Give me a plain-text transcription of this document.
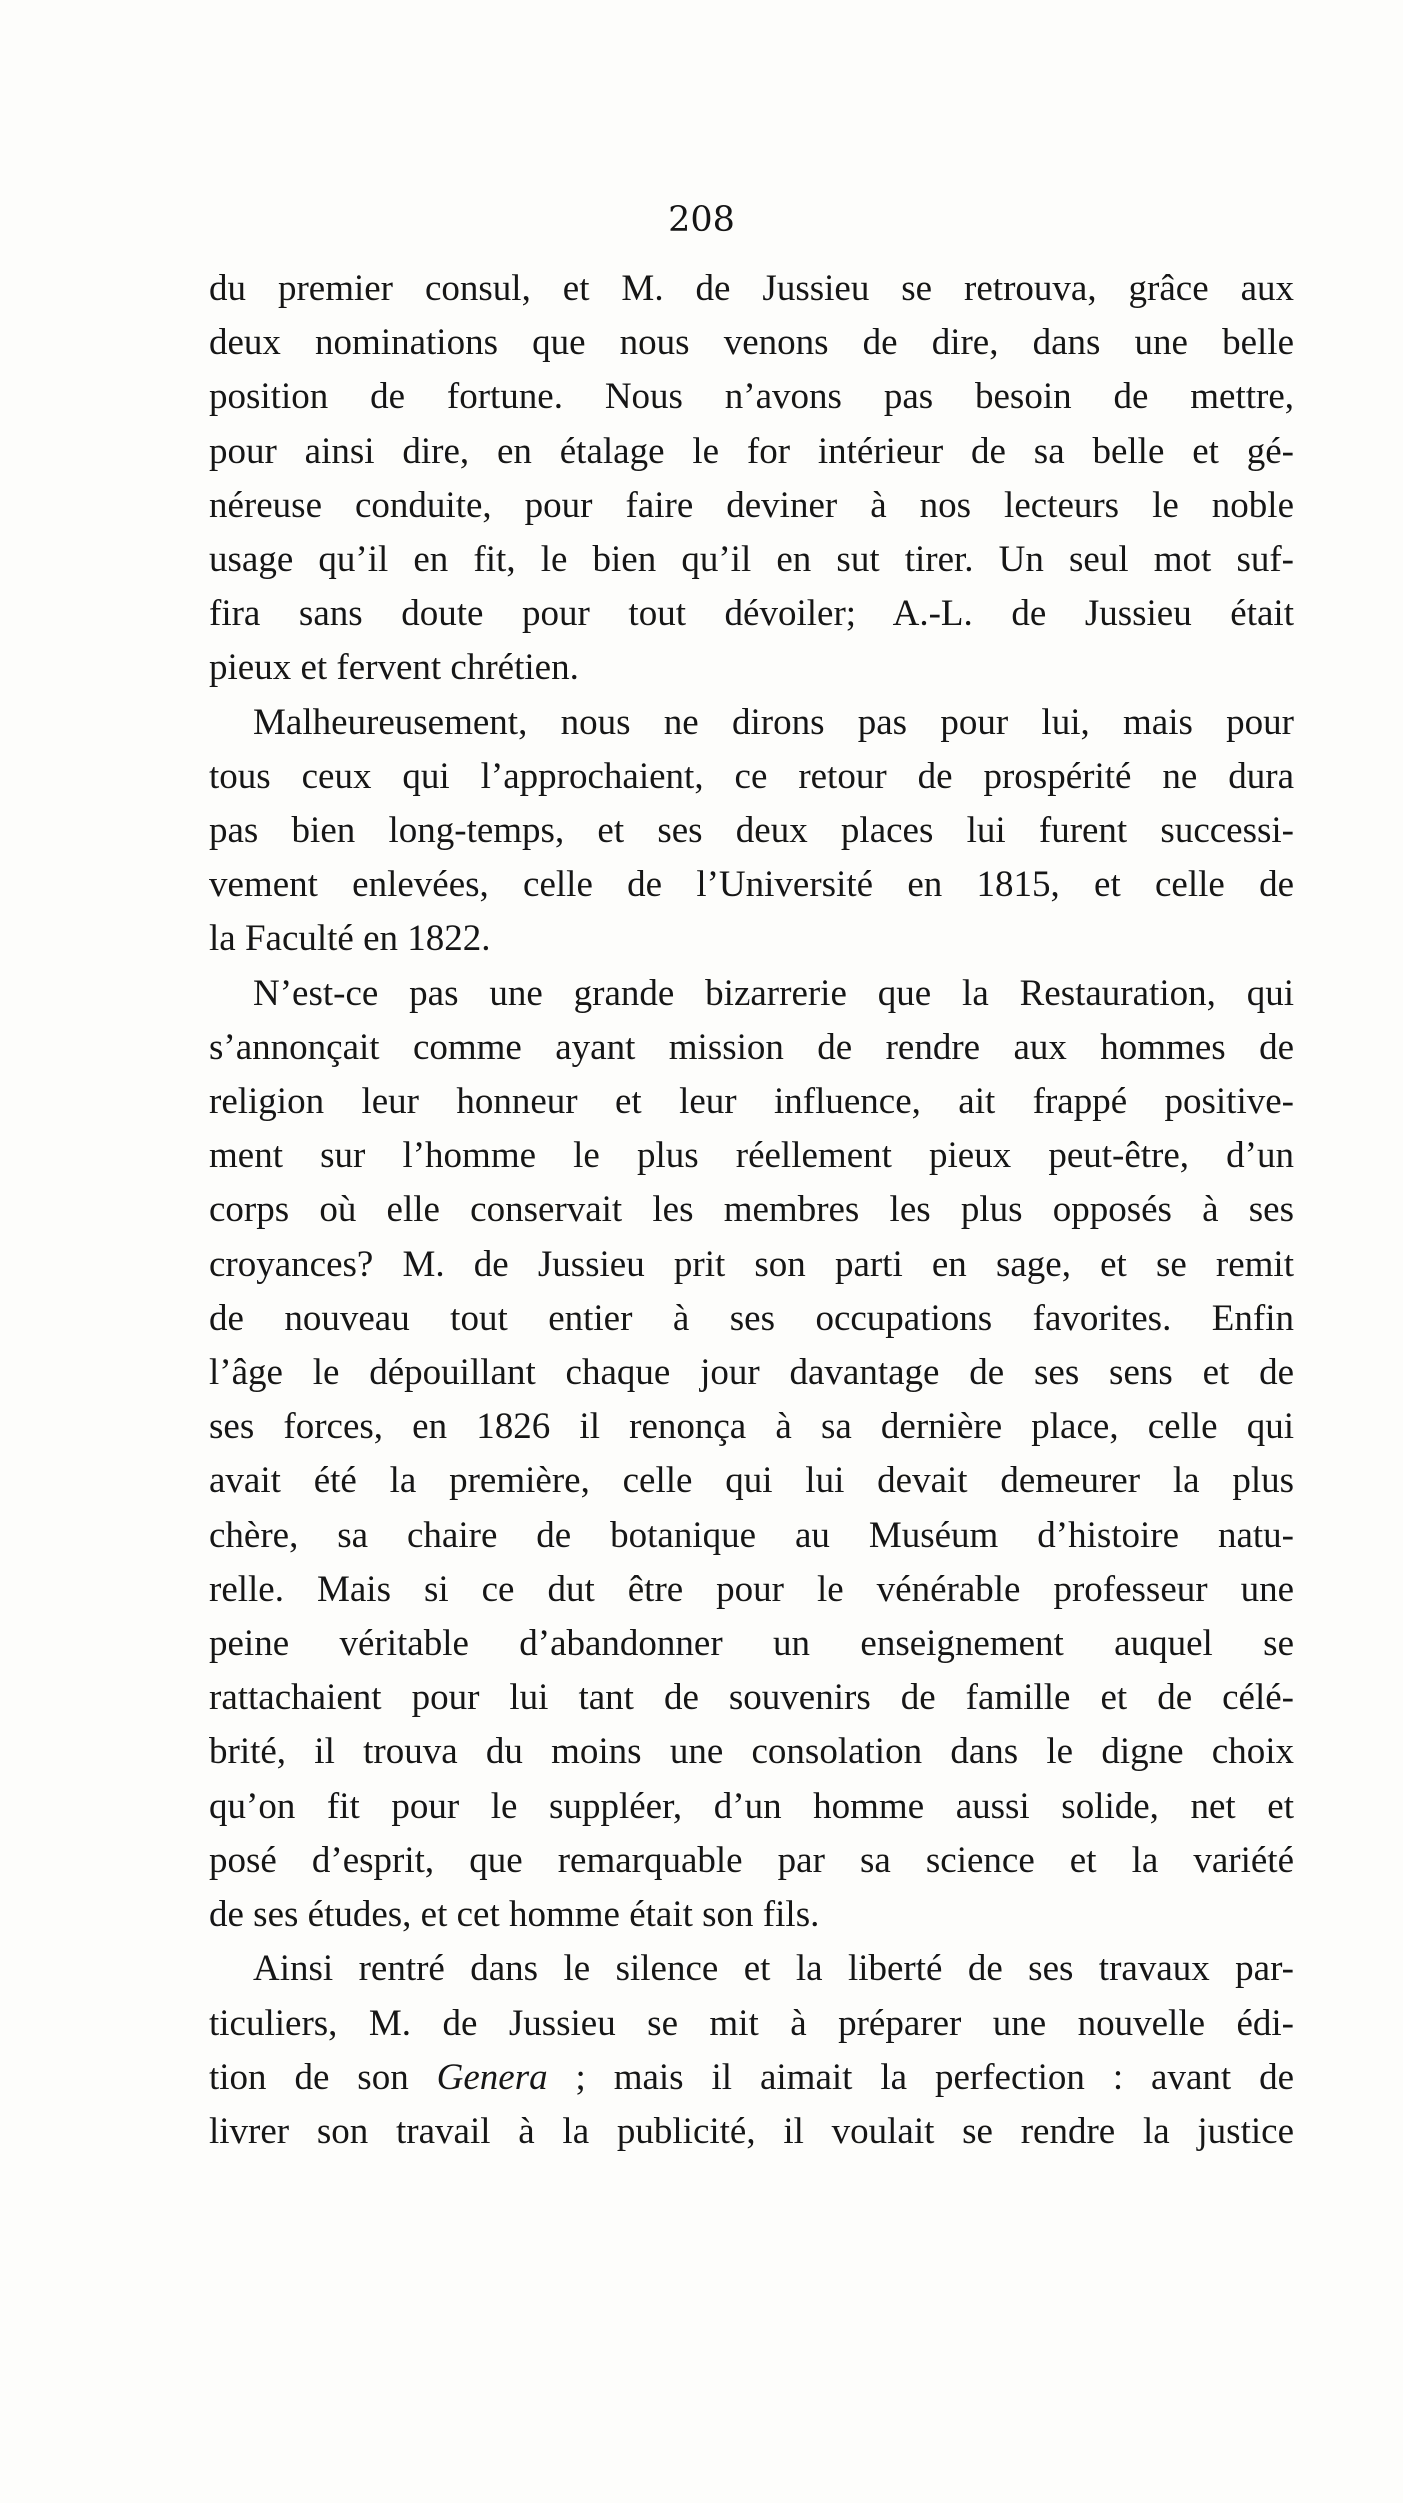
208
du premier consul, et M. de Jussieu se retrouva, grâce aux
deux nominations que nous venons de dire, dans une belle
position de fortune. Nous n’avons pas besoin de mettre,
pour ainsi dire, en étalage le for intérieur de sa belle et gé-
néreuse conduite, pour faire deviner à nos lecteurs le noble
usage qu’il en fit, le bien qu’il en sut tirer. Un seul mot suf-
fira sans doute pour tout dévoiler; A.-L. de Jussieu était
pieux et fervent chrétien.
Malheureusement, nous ne dirons pas pour lui, mais pour
tous ceux qui l’approchaient, ce retour de prospérité ne dura
pas bien long-temps, et ses deux places lui furent successi-
vement enlevées, celle de l’Université en 1815, et celle de
la Faculté en 1822.
N’est-ce pas une grande bizarrerie que la Restauration, qui
s’annonçait comme ayant mission de rendre aux hommes de
religion leur honneur et leur influence, ait frappé positive-
ment sur l’homme le plus réellement pieux peut-être, d’un
corps où elle conservait les membres les plus opposés à ses
croyances? M. de Jussieu prit son parti en sage, et se remit
de nouveau tout entier à ses occupations favorites. Enfin
l’âge le dépouillant chaque jour davantage de ses sens et de
ses forces, en 1826 il renonça à sa dernière place, celle qui
avait été la première, celle qui lui devait demeurer la plus
chère, sa chaire de botanique au Muséum d’histoire natu-
relle. Mais si ce dut être pour le vénérable professeur une
peine véritable d’abandonner un enseignement auquel se
rattachaient pour lui tant de souvenirs de famille et de célé-
brité, il trouva du moins une consolation dans le digne choix
qu’on fit pour le suppléer, d’un homme aussi solide, net et
posé d’esprit, que remarquable par sa science et la variété
de ses études, et cet homme était son fils.
Ainsi rentré dans le silence et la liberté de ses travaux par-
ticuliers, M. de Jussieu se mit à préparer une nouvelle édi-
tion de son Genera ; mais il aimait la perfection : avant de
livrer son travail à la publicité, il voulait se rendre la justice
